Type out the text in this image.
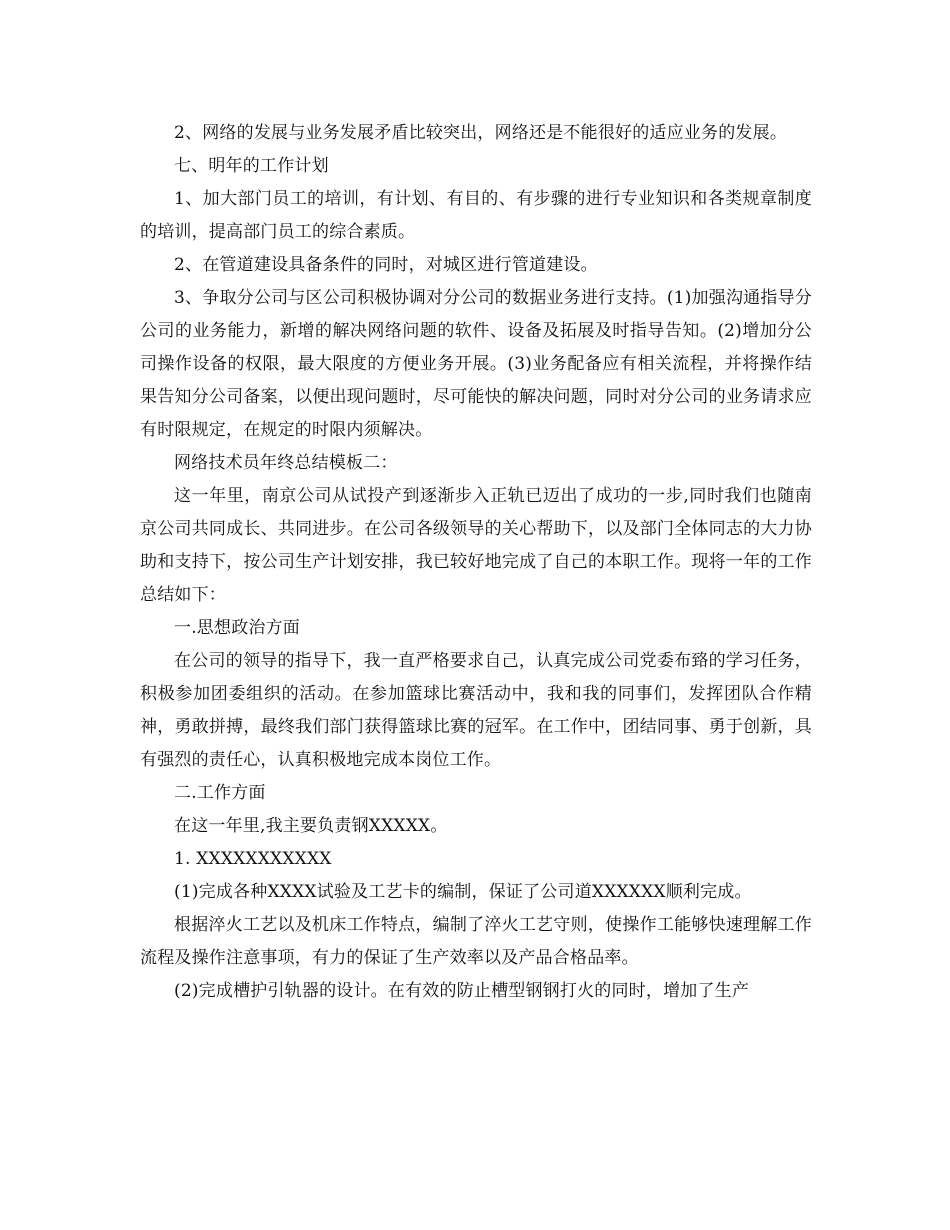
2、网络的发展与业务发展矛盾比较突出，网络还是不能很好的适应业务的发展。

七、明年的工作计划

1、加大部门员工的培训，有计划、有目的、有步骤的进行专业知识和各类规章制度的培训，提高部门员工的综合素质。

2、在管道建设具备条件的同时，对城区进行管道建设。

3、争取分公司与区公司积极协调对分公司的数据业务进行支持。(1)加强沟通指导分公司的业务能力，新增的解决网络问题的软件、设备及拓展及时指导告知。(2)增加分公司操作设备的权限，最大限度的方便业务开展。(3)业务配备应有相关流程，并将操作结果告知分公司备案，以便出现问题时，尽可能快的解决问题，同时对分公司的业务请求应有时限规定，在规定的时限内须解决。

网络技术员年终总结模板二：

这一年里，南京公司从试投产到逐渐步入正轨已迈出了成功的一步,同时我们也随南京公司共同成长、共同进步。在公司各级领导的关心帮助下，以及部门全体同志的大力协助和支持下，按公司生产计划安排，我已较好地完成了自己的本职工作。现将一年的工作总结如下：

一.思想政治方面

在公司的领导的指导下，我一直严格要求自己，认真完成公司党委布臵的学习任务，积极参加团委组织的活动。在参加篮球比赛活动中，我和我的同事们，发挥团队合作精神，勇敢拼搏，最终我们部门获得篮球比赛的冠军。在工作中，团结同事、勇于创新，具有强烈的责任心，认真积极地完成本岗位工作。

二.工作方面

在这一年里,我主要负责钢XXXXX。

1. XXXXXXXXXXX

(1)完成各种XXXX试验及工艺卡的编制，保证了公司道XXXXXX顺利完成。

根据淬火工艺以及机床工作特点，编制了淬火工艺守则，使操作工能够快速理解工作流程及操作注意事项，有力的保证了生产效率以及产品合格品率。

(2)完成槽护引轨器的设计。在有效的防止槽型钢钢打火的同时，增加了生产
